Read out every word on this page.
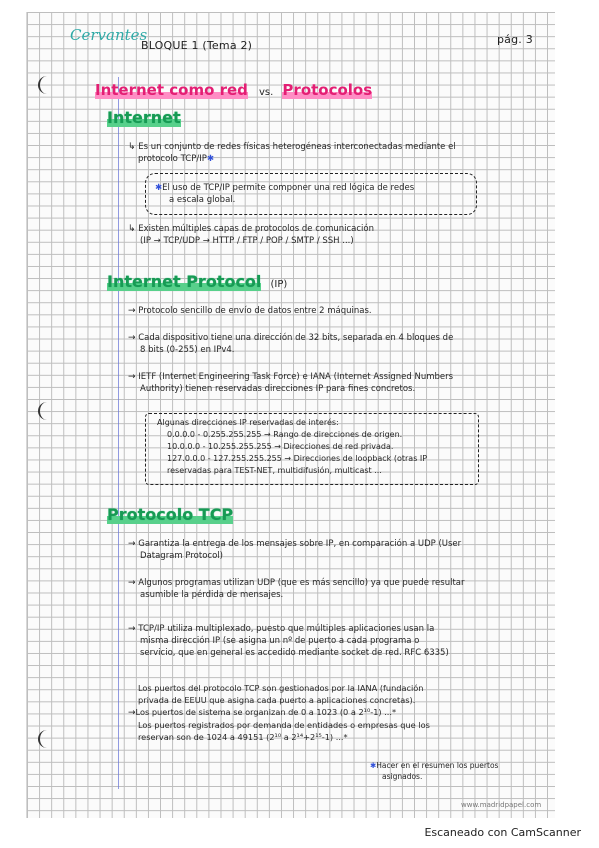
Cervantes
BLOQUE 1 (Tema 2)	pág. 3
Internet como red vs. Protocolos
Internet
↳ Es un conjunto de redes físicas heterogéneas interconectadas mediante el
protocolo TCP/IP✱
✱El uso de TCP/IP permite componer una red lógica de redes
a escala global.
↳ Existen múltiples capas de protocolos de comunicación
(IP → TCP/UDP → HTTP / FTP / POP / SMTP / SSH ...)
Internet Protocol (IP)
→ Protocolo sencillo de envío de datos entre 2 máquinas.
→ Cada dispositivo tiene una dirección de 32 bits, separada en 4 bloques de
8 bits (0-255) en IPv4.
→ IETF (Internet Engineering Task Force) e IANA (Internet Assigned Numbers
Authority) tienen reservadas direcciones IP para fines concretos.
Algunas direcciones IP reservadas de interés:
0.0.0.0 - 0.255.255.255 → Rango de direcciones de origen.
10.0.0.0 - 10.255.255.255 → Direcciones de red privada.
127.0.0.0 - 127.255.255.255 → Direcciones de loopback (otras IP
reservadas para TEST-NET, multidifusión, multicast ...
Protocolo TCP
→ Garantiza la entrega de los mensajes sobre IP, en comparación a UDP (User
Datagram Protocol)
→ Algunos programas utilizan UDP (que es más sencillo) ya que puede resultar
asumible la pérdida de mensajes.
→ TCP/IP utiliza multiplexado, puesto que múltiples aplicaciones usan la
misma dirección IP (se asigna un nº de puerto a cada programa o
servicio, que en general es accedido mediante socket de red. RFC 6335)
Los puertos del protocolo TCP son gestionados por la IANA (fundación
privada de EEUU que asigna cada puerto a aplicaciones concretas).
→Los puertos de sistema se organizan de 0 a 1023 (0 a 2¹⁰-1) ...*
Los puertos registrados por demanda de entidades o empresas que los
reservan son de 1024 a 49151 (2¹⁰ a 2¹⁴+2¹⁵-1) ...*
✱Hacer en el resumen los puertos
asignados.
www.madridpapel.com
Escaneado con CamScanner
